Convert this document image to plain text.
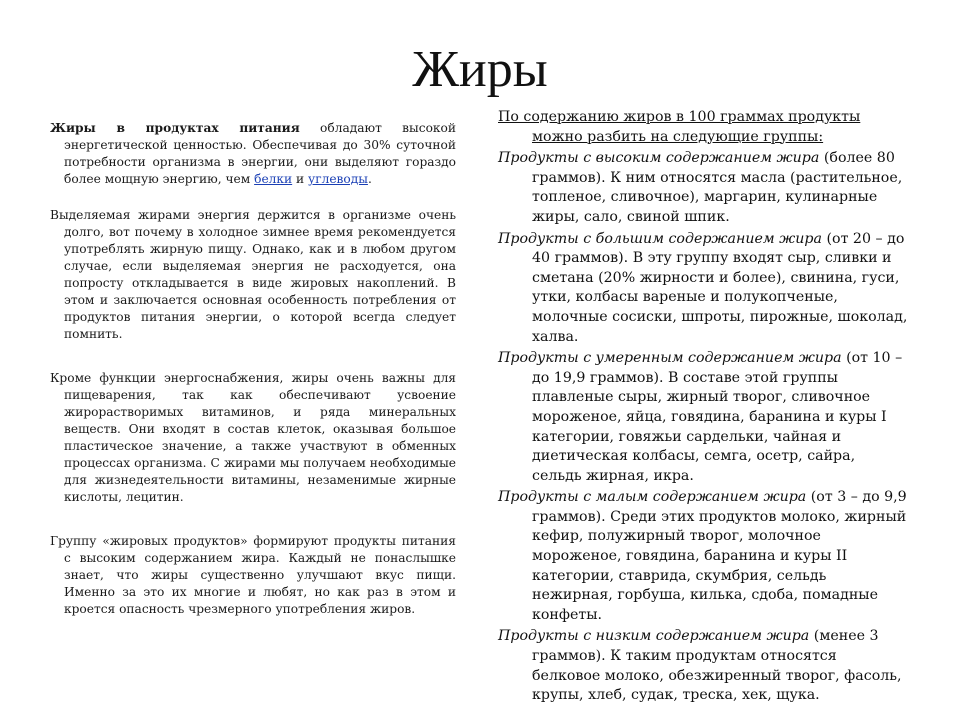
Жиры

Жиры в продуктах питания обладают высокой энергетической ценностью. Обеспечивая до 30% суточной потребности организма в энергии, они выделяют гораздо более мощную энергию, чем белки и углеводы.

Выделяемая жирами энергия держится в организме очень долго, вот почему в холодное зимнее время рекомендуется употреблять жирную пищу. Однако, как и в любом другом случае, если выделяемая энергия не расходуется, она попросту откладывается в виде жировых накоплений. В этом и заключается основная особенность потребления от продуктов питания энергии, о которой всегда следует помнить.

Кроме функции энергоснабжения, жиры очень важны для пищеварения, так как обеспечивают усвоение жирорастворимых витаминов, и ряда минеральных веществ. Они входят в состав клеток, оказывая большое пластическое значение, а также участвуют в обменных процессах организма. С жирами мы получаем необходимые для жизнедеятельности витамины, незаменимые жирные кислоты, лецитин.

Группу «жировых продуктов» формируют продукты питания с высоким содержанием жира. Каждый не понаслышке знает, что жиры существенно улучшают вкус пищи. Именно за это их многие и любят, но как раз в этом и кроется опасность чрезмерного употребления жиров.

По содержанию жиров в 100 граммах продукты можно разбить на следующие группы:

Продукты с высоким содержанием жира (более 80 граммов). К ним относятся масла (растительное, топленое, сливочное), маргарин, кулинарные жиры, сало, свиной шпик.

Продукты с большим содержанием жира (от 20 – до 40 граммов). В эту группу входят сыр, сливки и сметана (20% жирности и более), свинина, гуси, утки, колбасы вареные и полукопченые, молочные сосиски, шпроты, пирожные, шоколад, халва.

Продукты с умеренным содержанием жира (от 10 – до 19,9 граммов). В составе этой группы плавленые сыры, жирный творог, сливочное мороженое, яйца, говядина, баранина и куры I категории, говяжьи сардельки, чайная и диетическая колбасы, семга, осетр, сайра, сельдь жирная, икра.

Продукты с малым содержанием жира (от 3 – до 9,9 граммов). Среди этих продуктов молоко, жирный кефир, полужирный творог, молочное мороженое, говядина, баранина и куры II категории, ставрида, скумбрия, сельдь нежирная, горбуша, килька, сдоба, помадные конфеты.

Продукты с низким содержанием жира (менее 3 граммов). К таким продуктам относятся белковое молоко, обезжиренный творог, фасоль, крупы, хлеб, судак, треска, хек, щука.
